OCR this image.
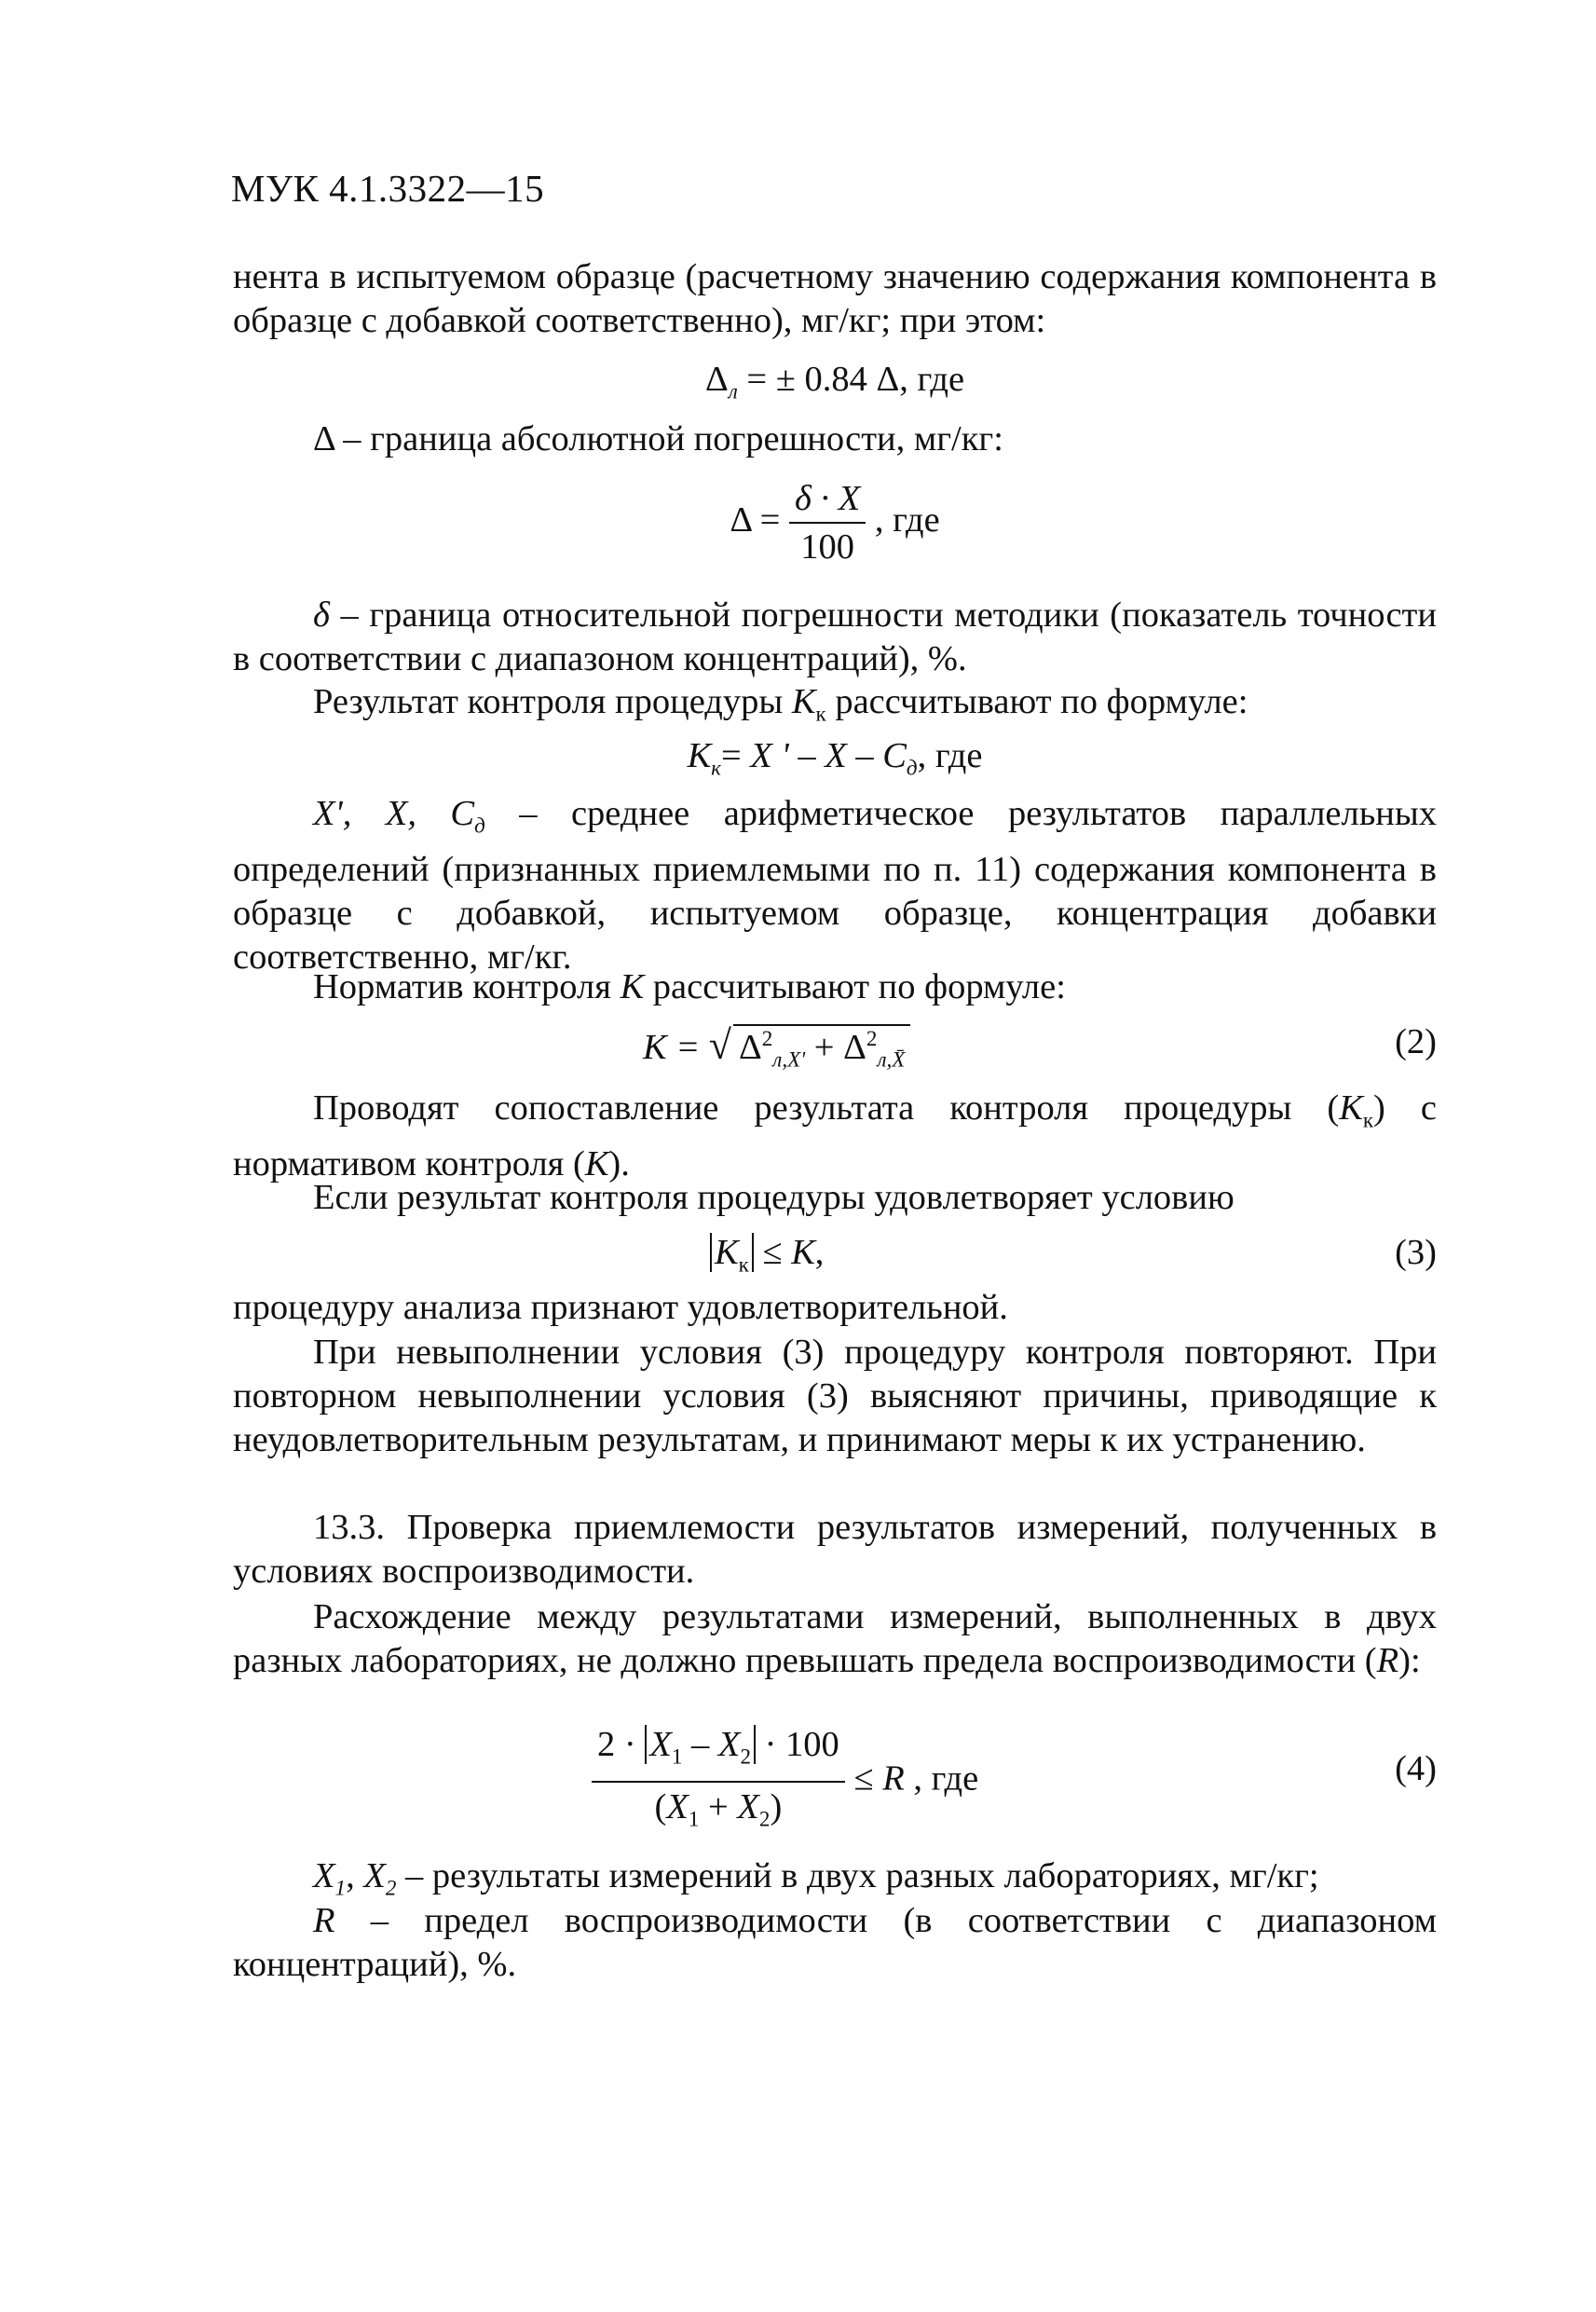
МУК 4.1.3322—15
нента в испытуемом образце (расчетному значению содержания компонента в образце с добавкой соответственно), мг/кг; при этом:
$\Delta_л$ = ± 0.84 Δ, где
Δ – граница абсолютной погрешности, мг/кг:
$\Delta = \frac{\delta \cdot X}{100}$ , где
δ – граница относительной погрешности методики (показатель точности в соответствии с диапазоном концентраций), %.
Результат контроля процедуры $К_к$ рассчитывают по формуле:
$К_к= X$ ' – X – $C_д$, где
X', X, $C_д$ – среднее арифметическое результатов параллельных определений (признанных приемлемыми по п. 11) содержания компонента в образце с добавкой, испытуемом образце, концентрация добавки соответственно, мг/кг.
Норматив контроля К рассчитывают по формуле:
К = √ $\Delta^2_{л,X'} + \Delta^2_{л,X̄}$	(2)
Проводят сопоставление результата контроля процедуры $(К_к)$ с нормативом контроля (К).
Если результат контроля процедуры удовлетворяет условию
$К_к \le К$,	(3)
процедуру анализа признают удовлетворительной.
При невыполнении условия (3) процедуру контроля повторяют. При повторном невыполнении условия (3) выясняют причины, приводящие к неудовлетворительным результатам, и принимают меры к их устранению.
13.3. Проверка приемлемости результатов измерений, полученных в условиях воспроизводимости.
Расхождение между результатами измерений, выполненных в двух разных лабораториях, не должно превышать предела воспроизводимости (R):
$\frac{2 \cdot X_1 - X_2 \cdot 100}{(X_1 + X_2)} \le R$ , где	(4)
$X_1$, $X_2$ – результаты измерений в двух разных лабораториях, мг/кг;
R – предел воспроизводимости (в соответствии с диапазоном концентраций), %.
